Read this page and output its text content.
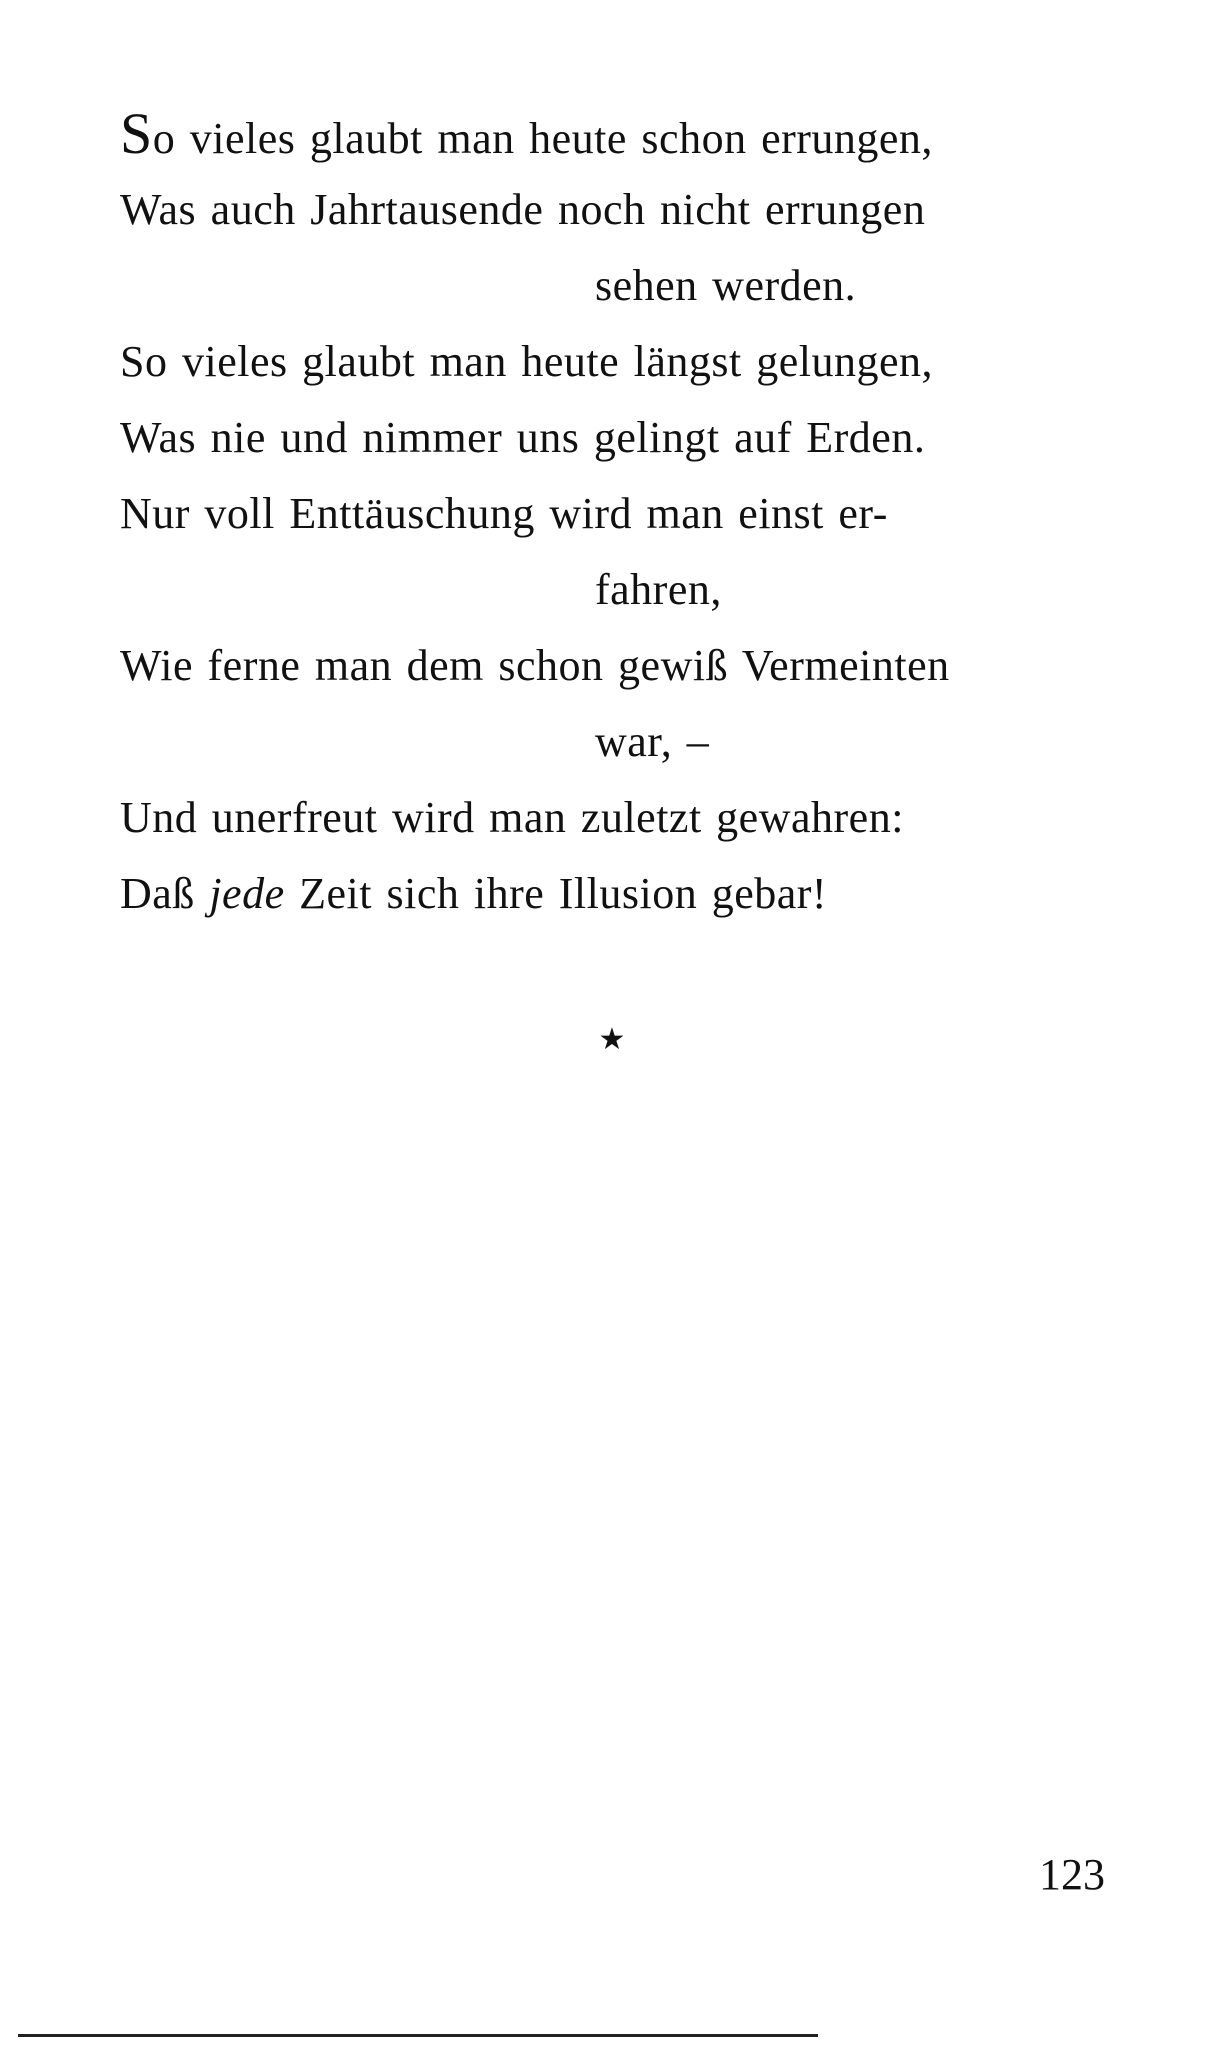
So vieles glaubt man heute schon errungen,
Was auch Jahrtausende noch nicht errungen
sehen werden.
So vieles glaubt man heute längst gelungen,
Was nie und nimmer uns gelingt auf Erden.
Nur voll Enttäuschung wird man einst er-
fahren,
Wie ferne man dem schon gewiß Vermeinten
war, –
Und unerfreut wird man zuletzt gewahren:
Daß jede Zeit sich ihre Illusion gebar!
★
123
